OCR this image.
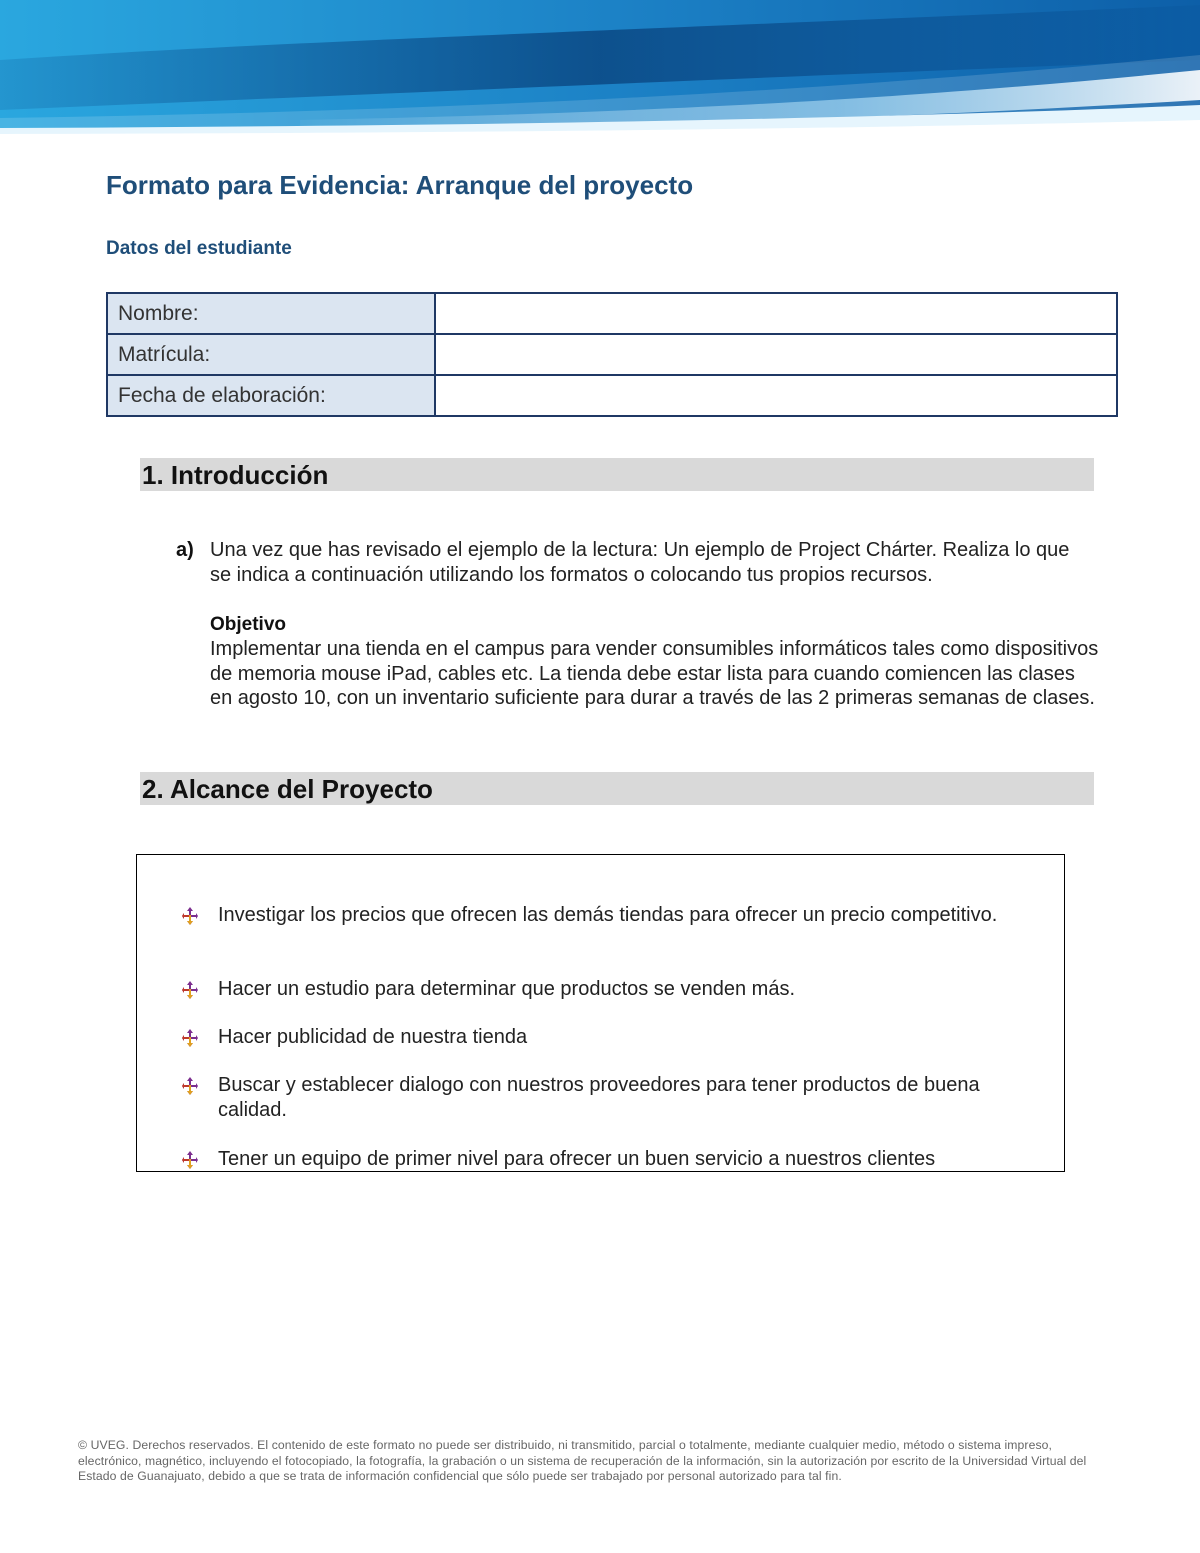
Formato para Evidencia: Arranque del proyecto
Datos del estudiante
Nombre:	
Matrícula:	
Fecha de elaboración:	
1. Introducción
a) Una vez que has revisado el ejemplo de la lectura: Un ejemplo de Project Chárter. Realiza lo que se indica a continuación utilizando los formatos o colocando tus propios recursos.
Objetivo
Implementar una tienda en el campus para vender consumibles informáticos tales como dispositivos de memoria mouse iPad, cables etc. La tienda debe estar lista para cuando comiencen las clases en agosto 10, con un inventario suficiente para durar a través de las 2 primeras semanas de clases.
2. Alcance del Proyecto
Investigar los precios que ofrecen las demás tiendas para ofrecer un precio competitivo.
Hacer un estudio para determinar que productos se venden más.
Hacer publicidad de nuestra tienda
Buscar y establecer dialogo con nuestros proveedores para tener productos de buena calidad.
Tener un equipo de primer nivel para ofrecer un buen servicio a nuestros clientes
© UVEG. Derechos reservados. El contenido de este formato no puede ser distribuido, ni transmitido, parcial o totalmente, mediante cualquier medio, método o sistema impreso, electrónico, magnético, incluyendo el fotocopiado, la fotografía, la grabación o un sistema de recuperación de la información, sin la autorización por escrito de la Universidad Virtual del Estado de Guanajuato, debido a que se trata de información confidencial que sólo puede ser trabajado por personal autorizado para tal fin.
